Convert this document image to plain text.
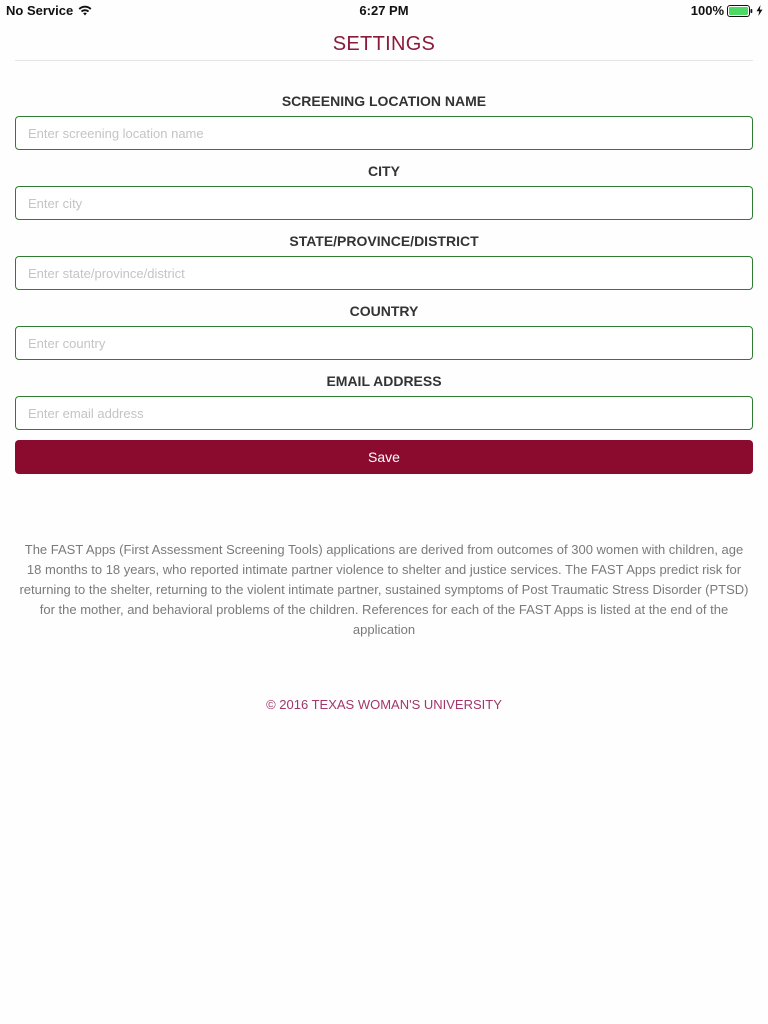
No Service	6:27 PM	100%
SETTINGS
SCREENING LOCATION NAME
Enter screening location name
CITY
Enter city
STATE/PROVINCE/DISTRICT
Enter state/province/district
COUNTRY
Enter country
EMAIL ADDRESS
Enter email address
Save
The FAST Apps (First Assessment Screening Tools) applications are derived from outcomes of 300 women with children, age 18 months to 18 years, who reported intimate partner violence to shelter and justice services. The FAST Apps predict risk for returning to the shelter, returning to the violent intimate partner, sustained symptoms of Post Traumatic Stress Disorder (PTSD) for the mother, and behavioral problems of the children. References for each of the FAST Apps is listed at the end of the application
© 2016 TEXAS WOMAN'S UNIVERSITY
